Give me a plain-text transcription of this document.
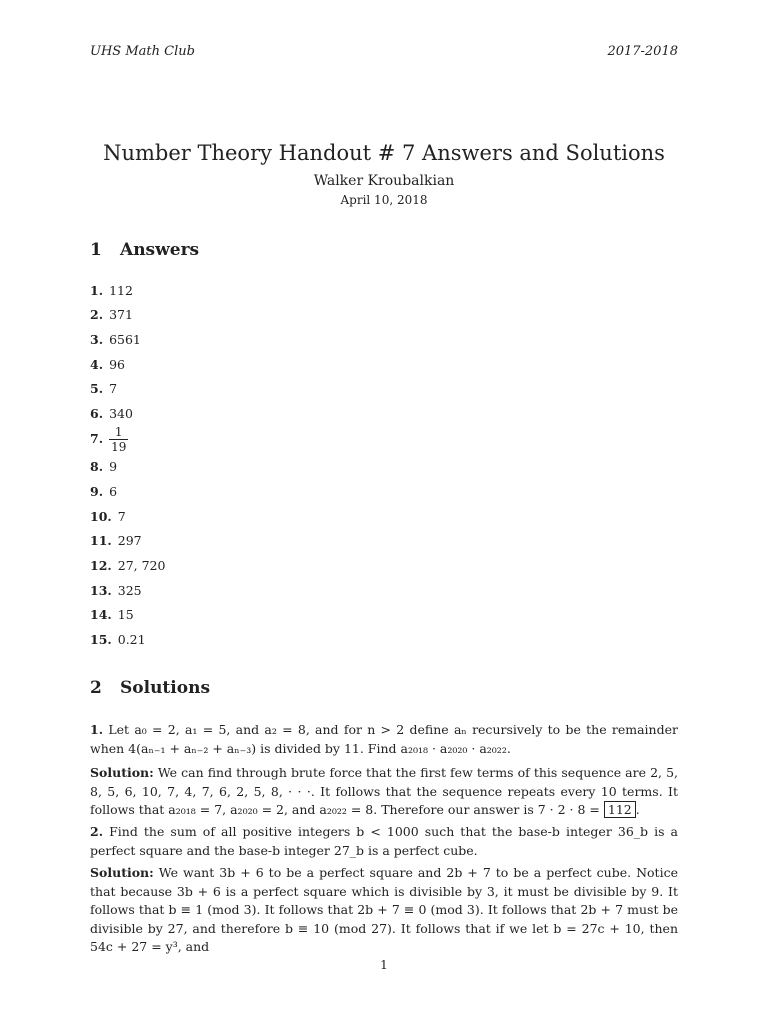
UHS Math Club	2017-2018
Number Theory Handout # 7 Answers and Solutions
Walker Kroubalkian
April 10, 2018
1 Answers
1. 112
2. 371
3. 6561
4. 96
5. 7
6. 340
7. $\frac{1}{19}$
8. 9
9. 6
10. 7
11. 297
12. 27, 720
13. 325
14. 15
15. 0.21
2 Solutions
1. Let a₀ = 2, a₁ = 5, and a₂ = 8, and for n > 2 define aₙ recursively to be the remainder when 4(aₙ₋₁ + aₙ₋₂ + aₙ₋₃) is divided by 11. Find a₂₀₁₈ · a₂₀₂₀ · a₂₀₂₂.
Solution: We can find through brute force that the first few terms of this sequence are 2, 5, 8, 5, 6, 10, 7, 4, 7, 6, 2, 5, 8, · · ·. It follows that the sequence repeats every 10 terms. It follows that a₂₀₁₈ = 7, a₂₀₂₀ = 2, and a₂₀₂₂ = 8. Therefore our answer is 7 · 2 · 8 = 112 .
2. Find the sum of all positive integers b < 1000 such that the base-b integer 36_b is a perfect square and the base-b integer 27_b is a perfect cube.
Solution: We want 3b + 6 to be a perfect square and 2b + 7 to be a perfect cube. Notice that because 3b + 6 is a perfect square which is divisible by 3, it must be divisible by 9. It follows that b ≡ 1 (mod 3). It follows that 2b + 7 ≡ 0 (mod 3). It follows that 2b + 7 must be divisible by 27, and therefore b ≡ 10 (mod 27). It follows that if we let b = 27c + 10, then 54c + 27 = y³, and
1
